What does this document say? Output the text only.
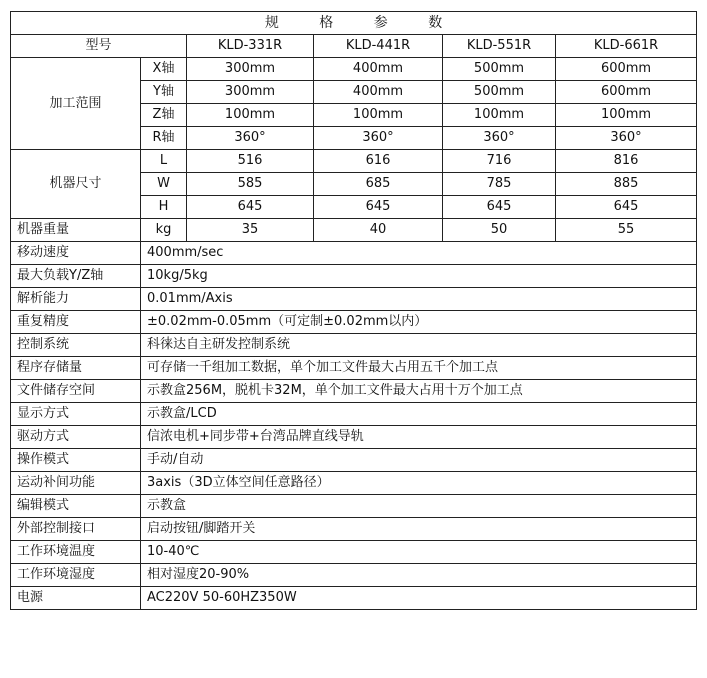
规 格 参 数					
型号		KLD-331R	KLD-441R	KLD-551R	KLD-661R
加工范围	X轴	300mm	400mm	500mm	600mm
	Y轴	300mm	400mm	500mm	600mm
	Z轴	100mm	100mm	100mm	100mm
	R轴	360°	360°	360°	360°
机器尺寸	L	516	616	716	816
	W	585	685	785	885
	H	645	645	645	645
机器重量	kg	35	40	50	55
移动速度	400mm/sec				
最大负载Y/Z轴	10kg/5kg				
解析能力	0.01mm/Axis				
重复精度	±0.02mm-0.05mm（可定制±0.02mm以内）				
控制系统	科徕达自主研发控制系统				
程序存储量	可存储一千组加工数据，单个加工文件最大占用五千个加工点				
文件储存空间	示教盒256M，脱机卡32M，单个加工文件最大占用十万个加工点				
显示方式	示教盒/LCD				
驱动方式	信浓电机+同步带+台湾品牌直线导轨				
操作模式	手动/自动				
运动补间功能	3axis（3D立体空间任意路径）				
编辑模式	示教盒				
外部控制接口	启动按钮/脚踏开关				
工作环境温度	10-40℃				
工作环境湿度	相对湿度20-90%				
电源	AC220V 50-60HZ350W				
